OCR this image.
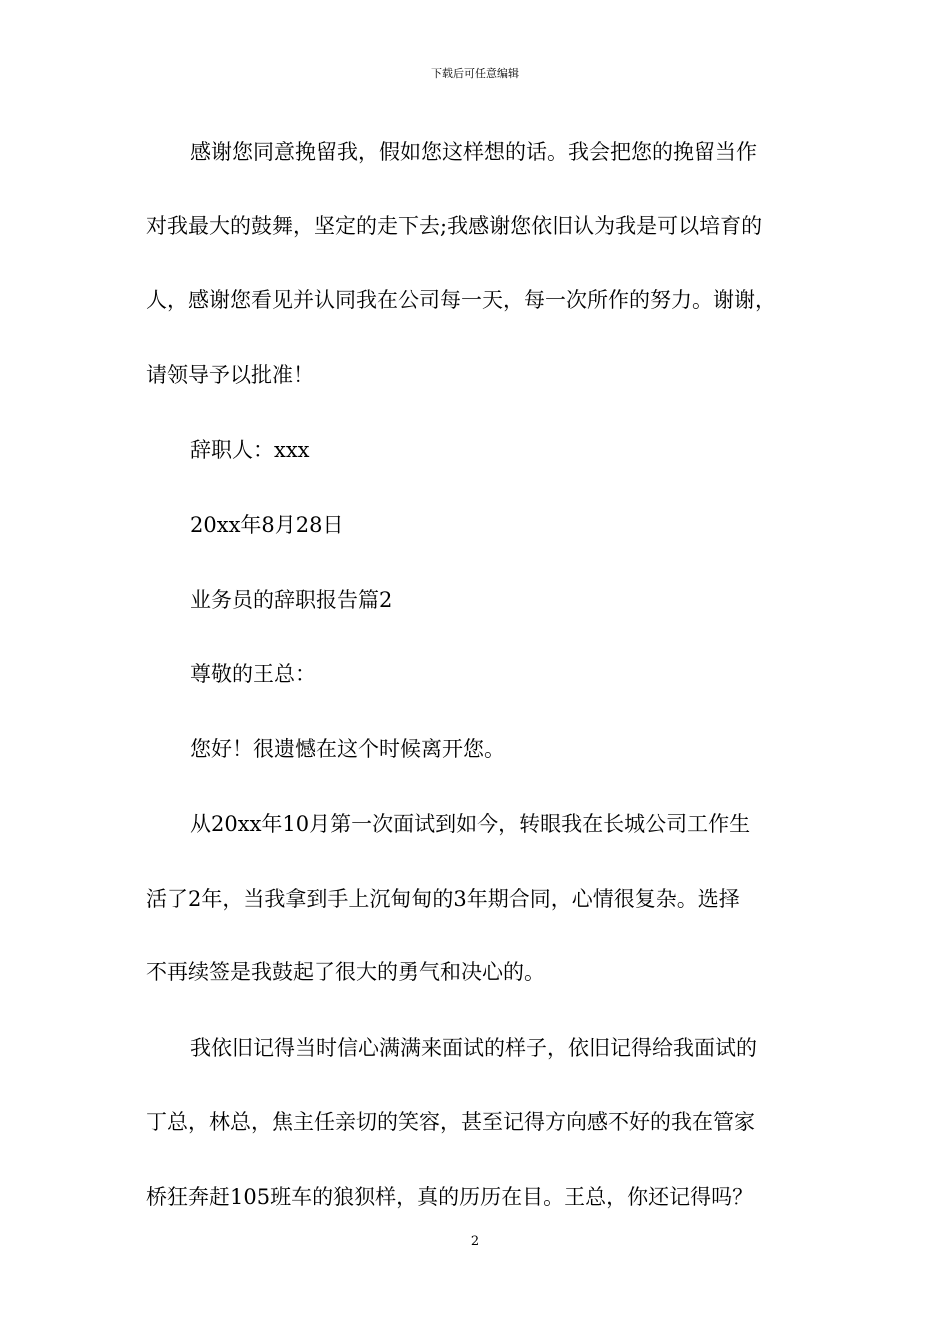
下载后可任意编辑
感谢您同意挽留我，假如您这样想的话。我会把您的挽留当作
对我最大的鼓舞，坚定的走下去;我感谢您依旧认为我是可以培育的
人，感谢您看见并认同我在公司每一天，每一次所作的努力。谢谢，
请领导予以批准！
辞职人：xxx
20xx年8月28日
业务员的辞职报告篇2
尊敬的王总：
您好！很遗憾在这个时候离开您。
从20xx年10月第一次面试到如今，转眼我在长城公司工作生
活了2年，当我拿到手上沉甸甸的3年期合同，心情很复杂。选择
不再续签是我鼓起了很大的勇气和决心的。
我依旧记得当时信心满满来面试的样子，依旧记得给我面试的
丁总，林总，焦主任亲切的笑容，甚至记得方向感不好的我在管家
桥狂奔赶105班车的狼狈样，真的历历在目。王总，你还记得吗？
2
